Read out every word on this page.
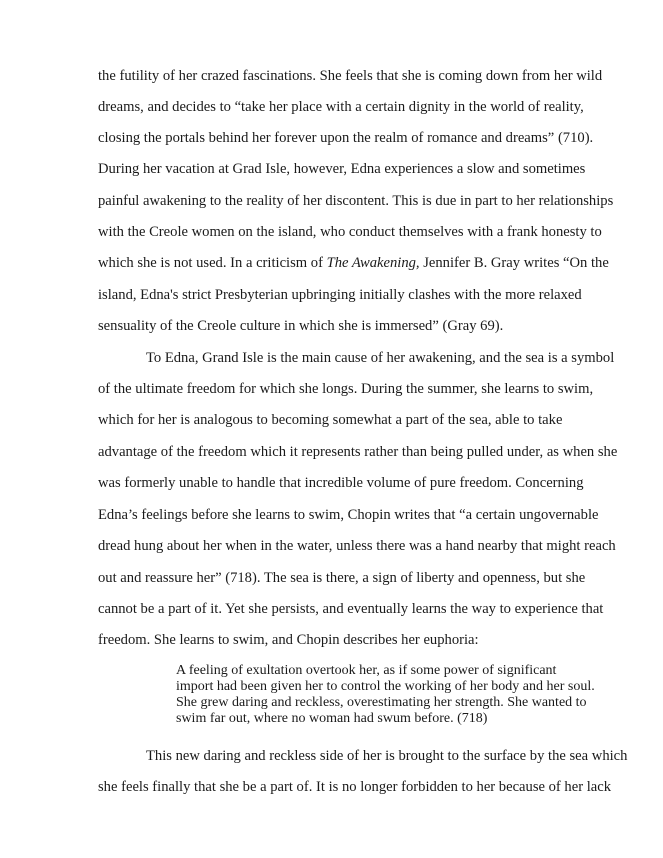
the futility of her crazed fascinations. She feels that she is coming down from her wild

dreams, and decides to “take her place with a certain dignity in the world of reality,

closing the portals behind her forever upon the realm of romance and dreams” (710).

During her vacation at Grad Isle, however, Edna experiences a slow and sometimes

painful awakening to the reality of her discontent. This is due in part to her relationships

with the Creole women on the island, who conduct themselves with a frank honesty to

which she is not used. In a criticism of The Awakening, Jennifer B. Gray writes “On the

island, Edna's strict Presbyterian upbringing initially clashes with the more relaxed

sensuality of the Creole culture in which she is immersed” (Gray 69).

To Edna, Grand Isle is the main cause of her awakening, and the sea is a symbol

of the ultimate freedom for which she longs. During the summer, she learns to swim,

which for her is analogous to becoming somewhat a part of the sea, able to take

advantage of the freedom which it represents rather than being pulled under, as when she

was formerly unable to handle that incredible volume of pure freedom. Concerning

Edna’s feelings before she learns to swim, Chopin writes that “a certain ungovernable

dread hung about her when in the water, unless there was a hand nearby that might reach

out and reassure her” (718). The sea is there, a sign of liberty and openness, but she

cannot be a part of it. Yet she persists, and eventually learns the way to experience that

freedom. She learns to swim, and Chopin describes her euphoria:

A feeling of exultation overtook her, as if some power of significant
import had been given her to control the working of her body and her soul.
She grew daring and reckless, overestimating her strength. She wanted to
swim far out, where no woman had swum before. (718)

This new daring and reckless side of her is brought to the surface by the sea which

she feels finally that she be a part of. It is no longer forbidden to her because of her lack
